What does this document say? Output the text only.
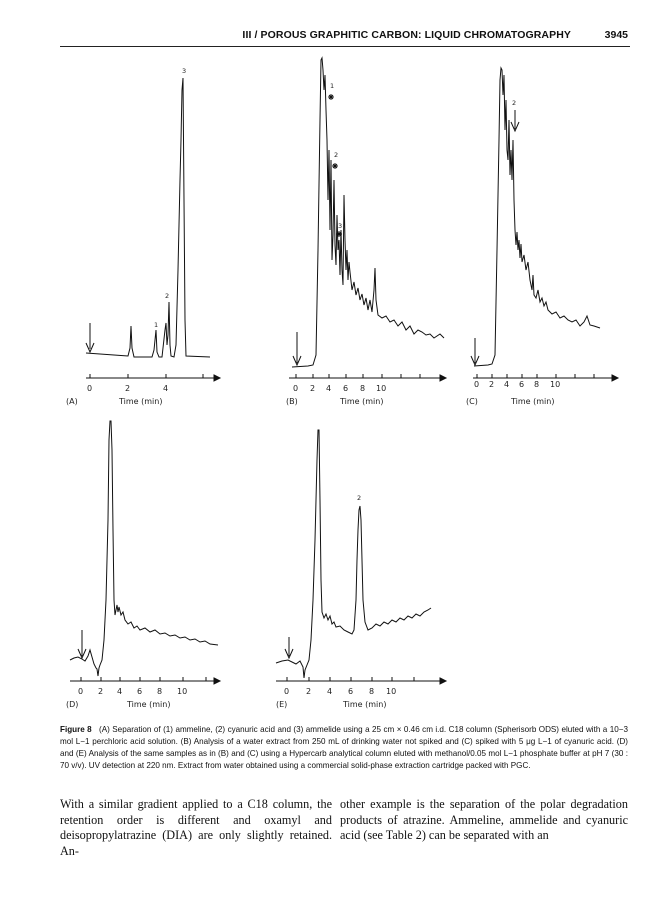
III / POROUS GRAPHITIC CARBON: LIQUID CHROMATOGRAPHY	3945
0	2	4
(A)	Time (min)
1
2
3
0 2 4 6 8 10
(B)	Time (min)
1
2
3
0 2 4 6 8 10
(C)	Time (min)
2
0 2 4 6 8 10
(D)	Time (min)
0 2 4 6 8 10
(E)	Time (min)
2
Figure 8 (A) Separation of (1) ammeline, (2) cyanuric acid and (3) ammelide using a 25 cm × 0.46 cm i.d. C18 column (Spherisorb ODS) eluted with a 10−3 mol L−1 perchloric acid solution. (B) Analysis of a water extract from 250 mL of drinking water not spiked and (C) spiked with 5 μg L−1 of cyanuric acid. (D) and (E) Analysis of the same samples as in (B) and (C) using a Hypercarb analytical column eluted with methanol/0.05 mol L−1 phosphate buffer at pH 7 (30 : 70 v/v). UV detection at 220 nm. Extract from water obtained using a commercial solid-phase extraction cartridge packed with PGC.
With a similar gradient applied to a C18 column, the retention order is different and oxamyl and deisopropylatrazine (DIA) are only slightly retained. An-
other example is the separation of the polar degradation products of atrazine. Ammeline, ammelide and cyanuric acid (see Table 2) can be separated with an
